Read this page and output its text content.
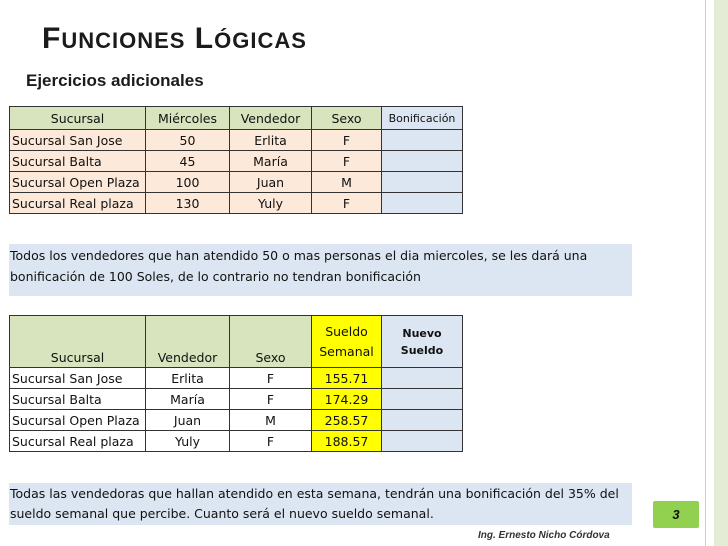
FUNCIONES LÓGICAS
Ejercicios adicionales
Sucursal	Miércoles	Vendedor	Sexo	Bonificación
Sucursal San Jose	50	Erlita	F	
Sucursal Balta	45	María	F	
Sucursal Open Plaza	100	Juan	M	
Sucursal Real plaza	130	Yuly	F	
Todos los vendedores que han atendido 50 o mas personas el dia miercoles, se les dará una bonificación de 100 Soles, de lo contrario no tendran bonificación
Sucursal	Vendedor	Sexo	Sueldo Semanal	Nuevo Sueldo
Sucursal San Jose	Erlita	F	155.71	
Sucursal Balta	María	F	174.29	
Sucursal Open Plaza	Juan	M	258.57	
Sucursal Real plaza	Yuly	F	188.57	
Todas las vendedoras que hallan atendido en esta semana, tendrán una bonificación del 35% del sueldo semanal que percibe. Cuanto será el nuevo sueldo semanal.	3
Ing. Ernesto Nicho Córdova
